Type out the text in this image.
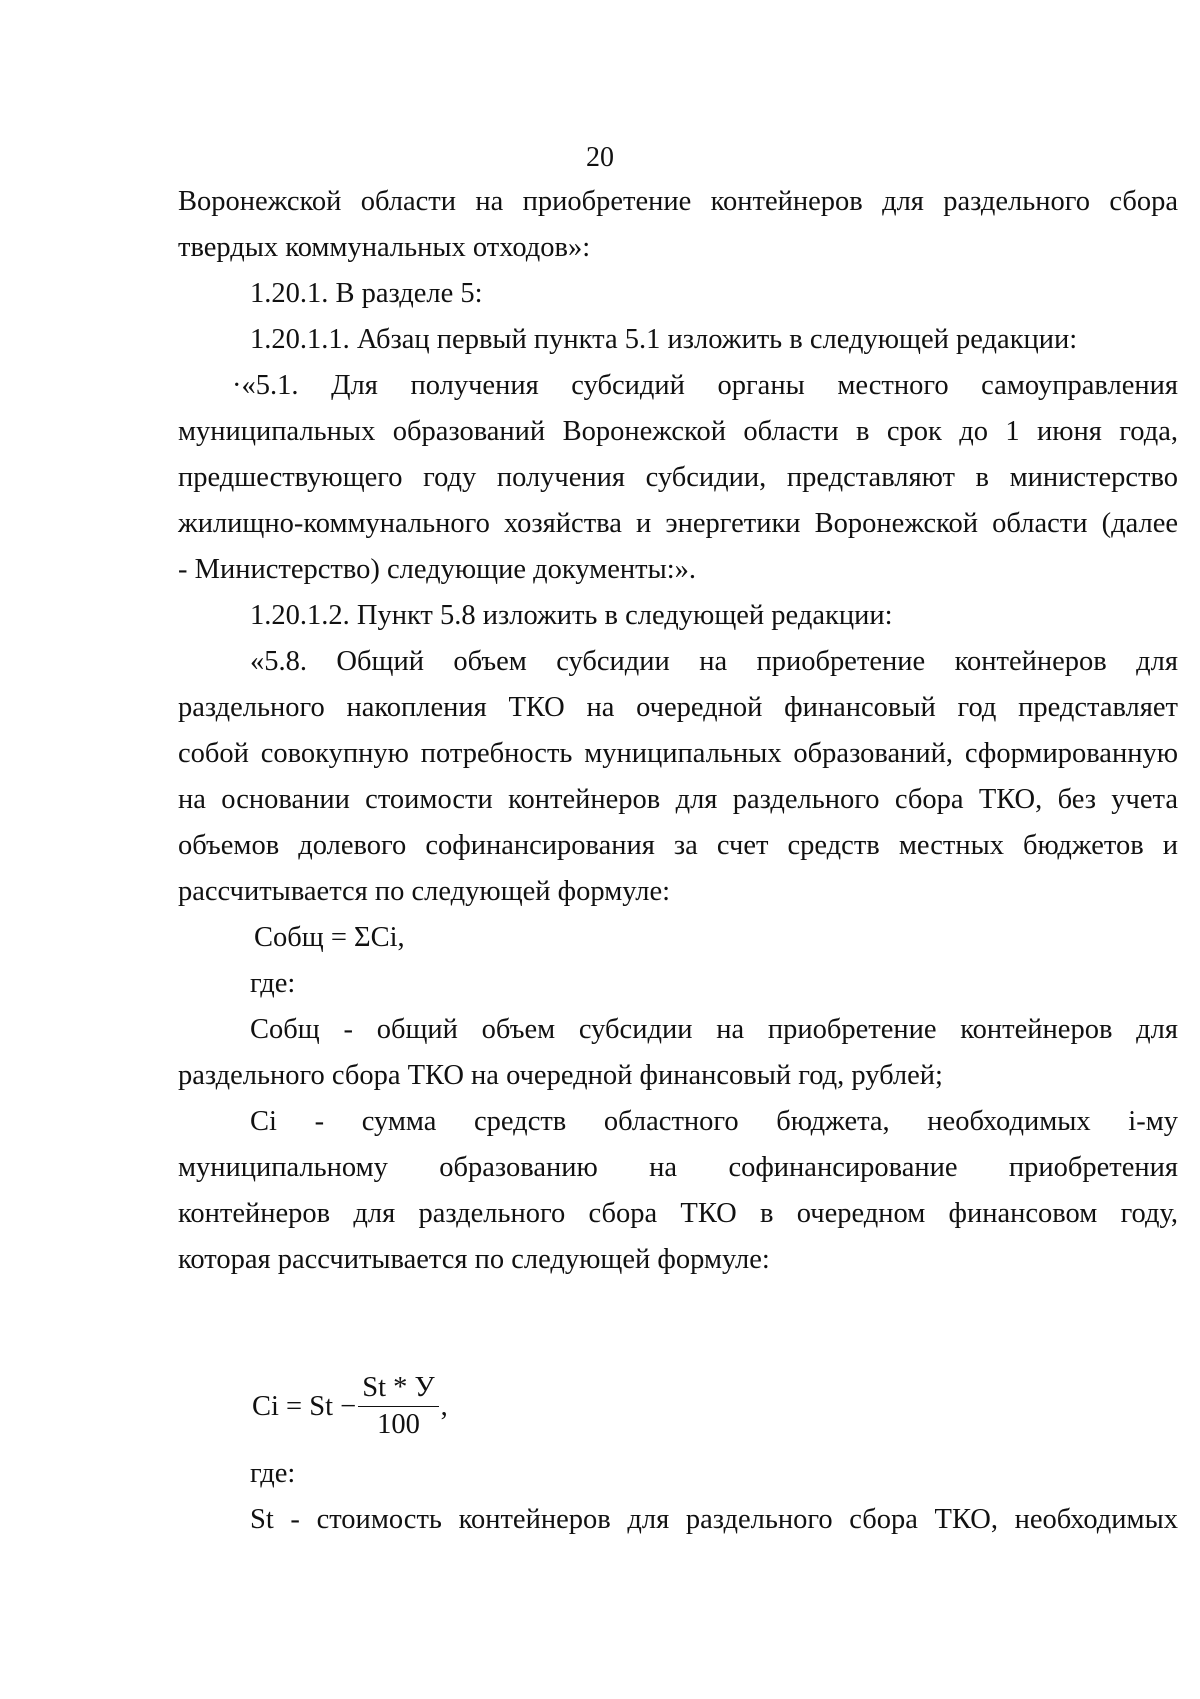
20
Воронежской области на приобретение контейнеров для раздельного сбора
твердых коммунальных отходов»:
1.20.1. В разделе 5:
1.20.1.1. Абзац первый пункта 5.1 изложить в следующей редакции:
·«5.1. Для получения субсидий органы местного самоуправления
муниципальных образований Воронежской области в срок до 1 июня года,
предшествующего году получения субсидии, представляют в министерство
жилищно-коммунального хозяйства и энергетики Воронежской области (далее
- Министерство) следующие документы:».
1.20.1.2. Пункт 5.8 изложить в следующей редакции:
«5.8. Общий объем субсидии на приобретение контейнеров для
раздельного накопления ТКО на очередной финансовый год представляет
собой совокупную потребность муниципальных образований, сформированную
на основании стоимости контейнеров для раздельного сбора ТКО, без учета
объемов долевого софинансирования за счет средств местных бюджетов и
рассчитывается по следующей формуле:
Собщ = ΣCi,
где:
Собщ - общий объем субсидии на приобретение контейнеров для
раздельного сбора ТКО на очередной финансовый год, рублей;
Ci - сумма средств областного бюджета, необходимых i-му
муниципальному образованию на софинансирование приобретения
контейнеров для раздельного сбора ТКО в очередном финансовом году,
которая рассчитывается по следующей формуле:
$Ci = St - \frac{St * У}{100}$ ,
где:
St - стоимость контейнеров для раздельного сбора ТКО, необходимых
